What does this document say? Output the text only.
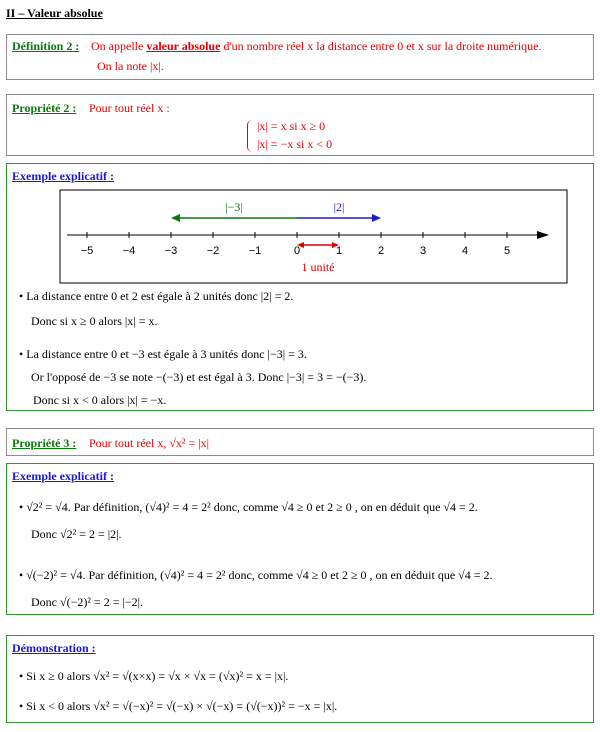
II – Valeur absolue
Définition 2 : On appelle valeur absolue d'un nombre réel x la distance entre 0 et x sur la droite numérique.
On la note |x|.
Propriété 2 : Pour tout réel x :
|x| = x si x ≥ 0
|x| = −x si x < 0
Exemple explicatif :
−5	−4	−3	−2	−1	0	1	2	3	4	5
|−3|	|2|
1 unité
• La distance entre 0 et 2 est égale à 2 unités donc |2| = 2.
Donc si x ≥ 0 alors |x| = x.
• La distance entre 0 et −3 est égale à 3 unités donc |−3| = 3.
Or l'opposé de −3 se note −(−3) et est égal à 3. Donc |−3| = 3 = −(−3).
Donc si x < 0 alors |x| = −x.
Propriété 3 : Pour tout réel x, √x² = |x|
Exemple explicatif :
• √2² = √4. Par définition, (√4)² = 4 = 2² donc, comme √4 ≥ 0 et 2 ≥ 0 , on en déduit que √4 = 2.
Donc √2² = 2 = |2|.
• √(−2)² = √4. Par définition, (√4)² = 4 = 2² donc, comme √4 ≥ 0 et 2 ≥ 0 , on en déduit que √4 = 2.
Donc √(−2)² = 2 = |−2|.
Démonstration :
• Si x ≥ 0 alors √x² = √(x×x) = √x × √x = (√x)² = x = |x|.
• Si x < 0 alors √x² = √(−x)² = √(−x) × √(−x) = (√(−x))² = −x = |x|.
